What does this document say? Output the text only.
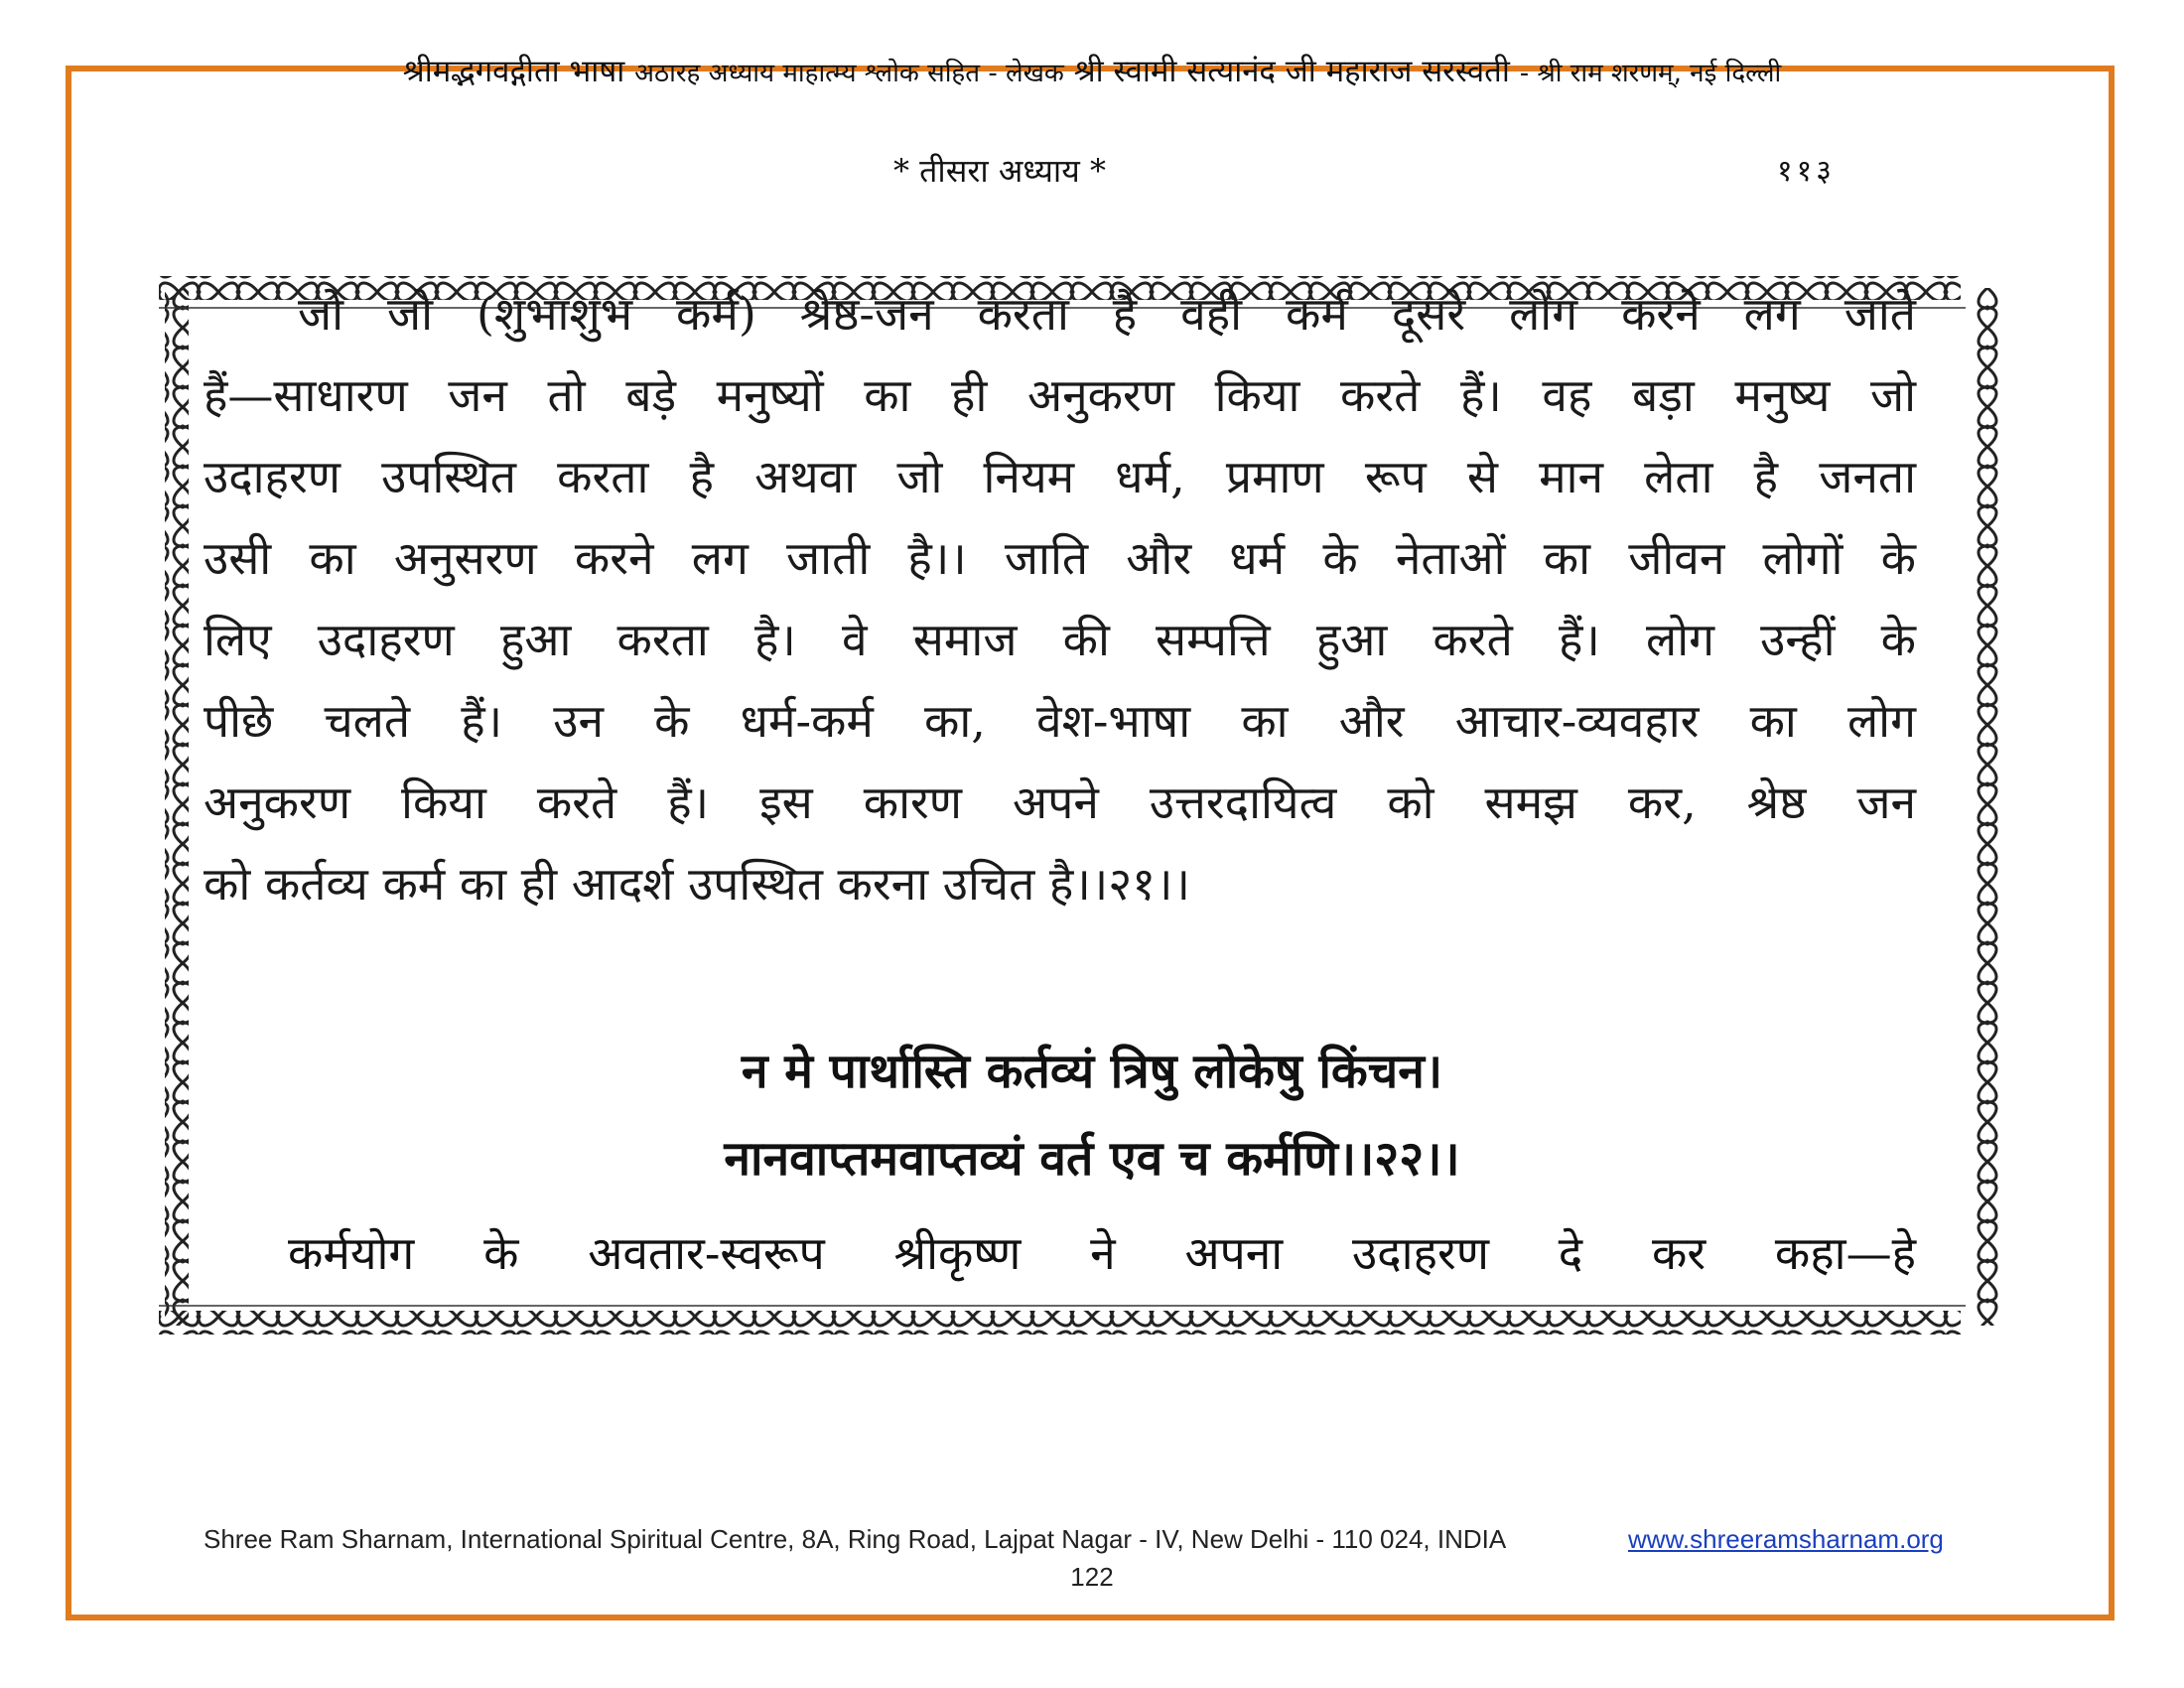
श्रीमद्भगवद्गीता भाषा अठारह अध्याय माहात्म्य श्लोक सहित - लेखक श्री स्वामी सत्यानंद जी महाराज सरस्वती - श्री राम शरणम्, नई दिल्ली
* तीसरा अध्याय *	११३
जो जो (शुभाशुभ कर्म) श्रेष्ठ-जन करता है वही कर्म दूसरे लोग करने लग जाते
हैं—साधारण जन तो बड़े मनुष्यों का ही अनुकरण किया करते हैं। वह बड़ा मनुष्य जो
उदाहरण उपस्थित करता है अथवा जो नियम धर्म, प्रमाण रूप से मान लेता है जनता
उसी का अनुसरण करने लग जाती है।। जाति और धर्म के नेताओं का जीवन लोगों के
लिए उदाहरण हुआ करता है। वे समाज की सम्पत्ति हुआ करते हैं। लोग उन्हीं के
पीछे चलते हैं। उन के धर्म-कर्म का, वेश-भाषा का और आचार-व्यवहार का लोग
अनुकरण किया करते हैं। इस कारण अपने उत्तरदायित्व को समझ कर, श्रेष्ठ जन
को कर्तव्य कर्म का ही आदर्श उपस्थित करना उचित है।।२१।।
न मे पार्थास्ति कर्तव्यं त्रिषु लोकेषु किंचन।
नानवाप्तमवाप्तव्यं वर्त एव च कर्मणि।।२२।।
कर्मयोग के अवतार-स्वरूप श्रीकृष्ण ने अपना उदाहरण दे कर कहा—हे
Shree Ram Sharnam, International Spiritual Centre, 8A, Ring Road, Lajpat Nagar - IV, New Delhi - 110 024, INDIA	www.shreeramsharnam.org
122
